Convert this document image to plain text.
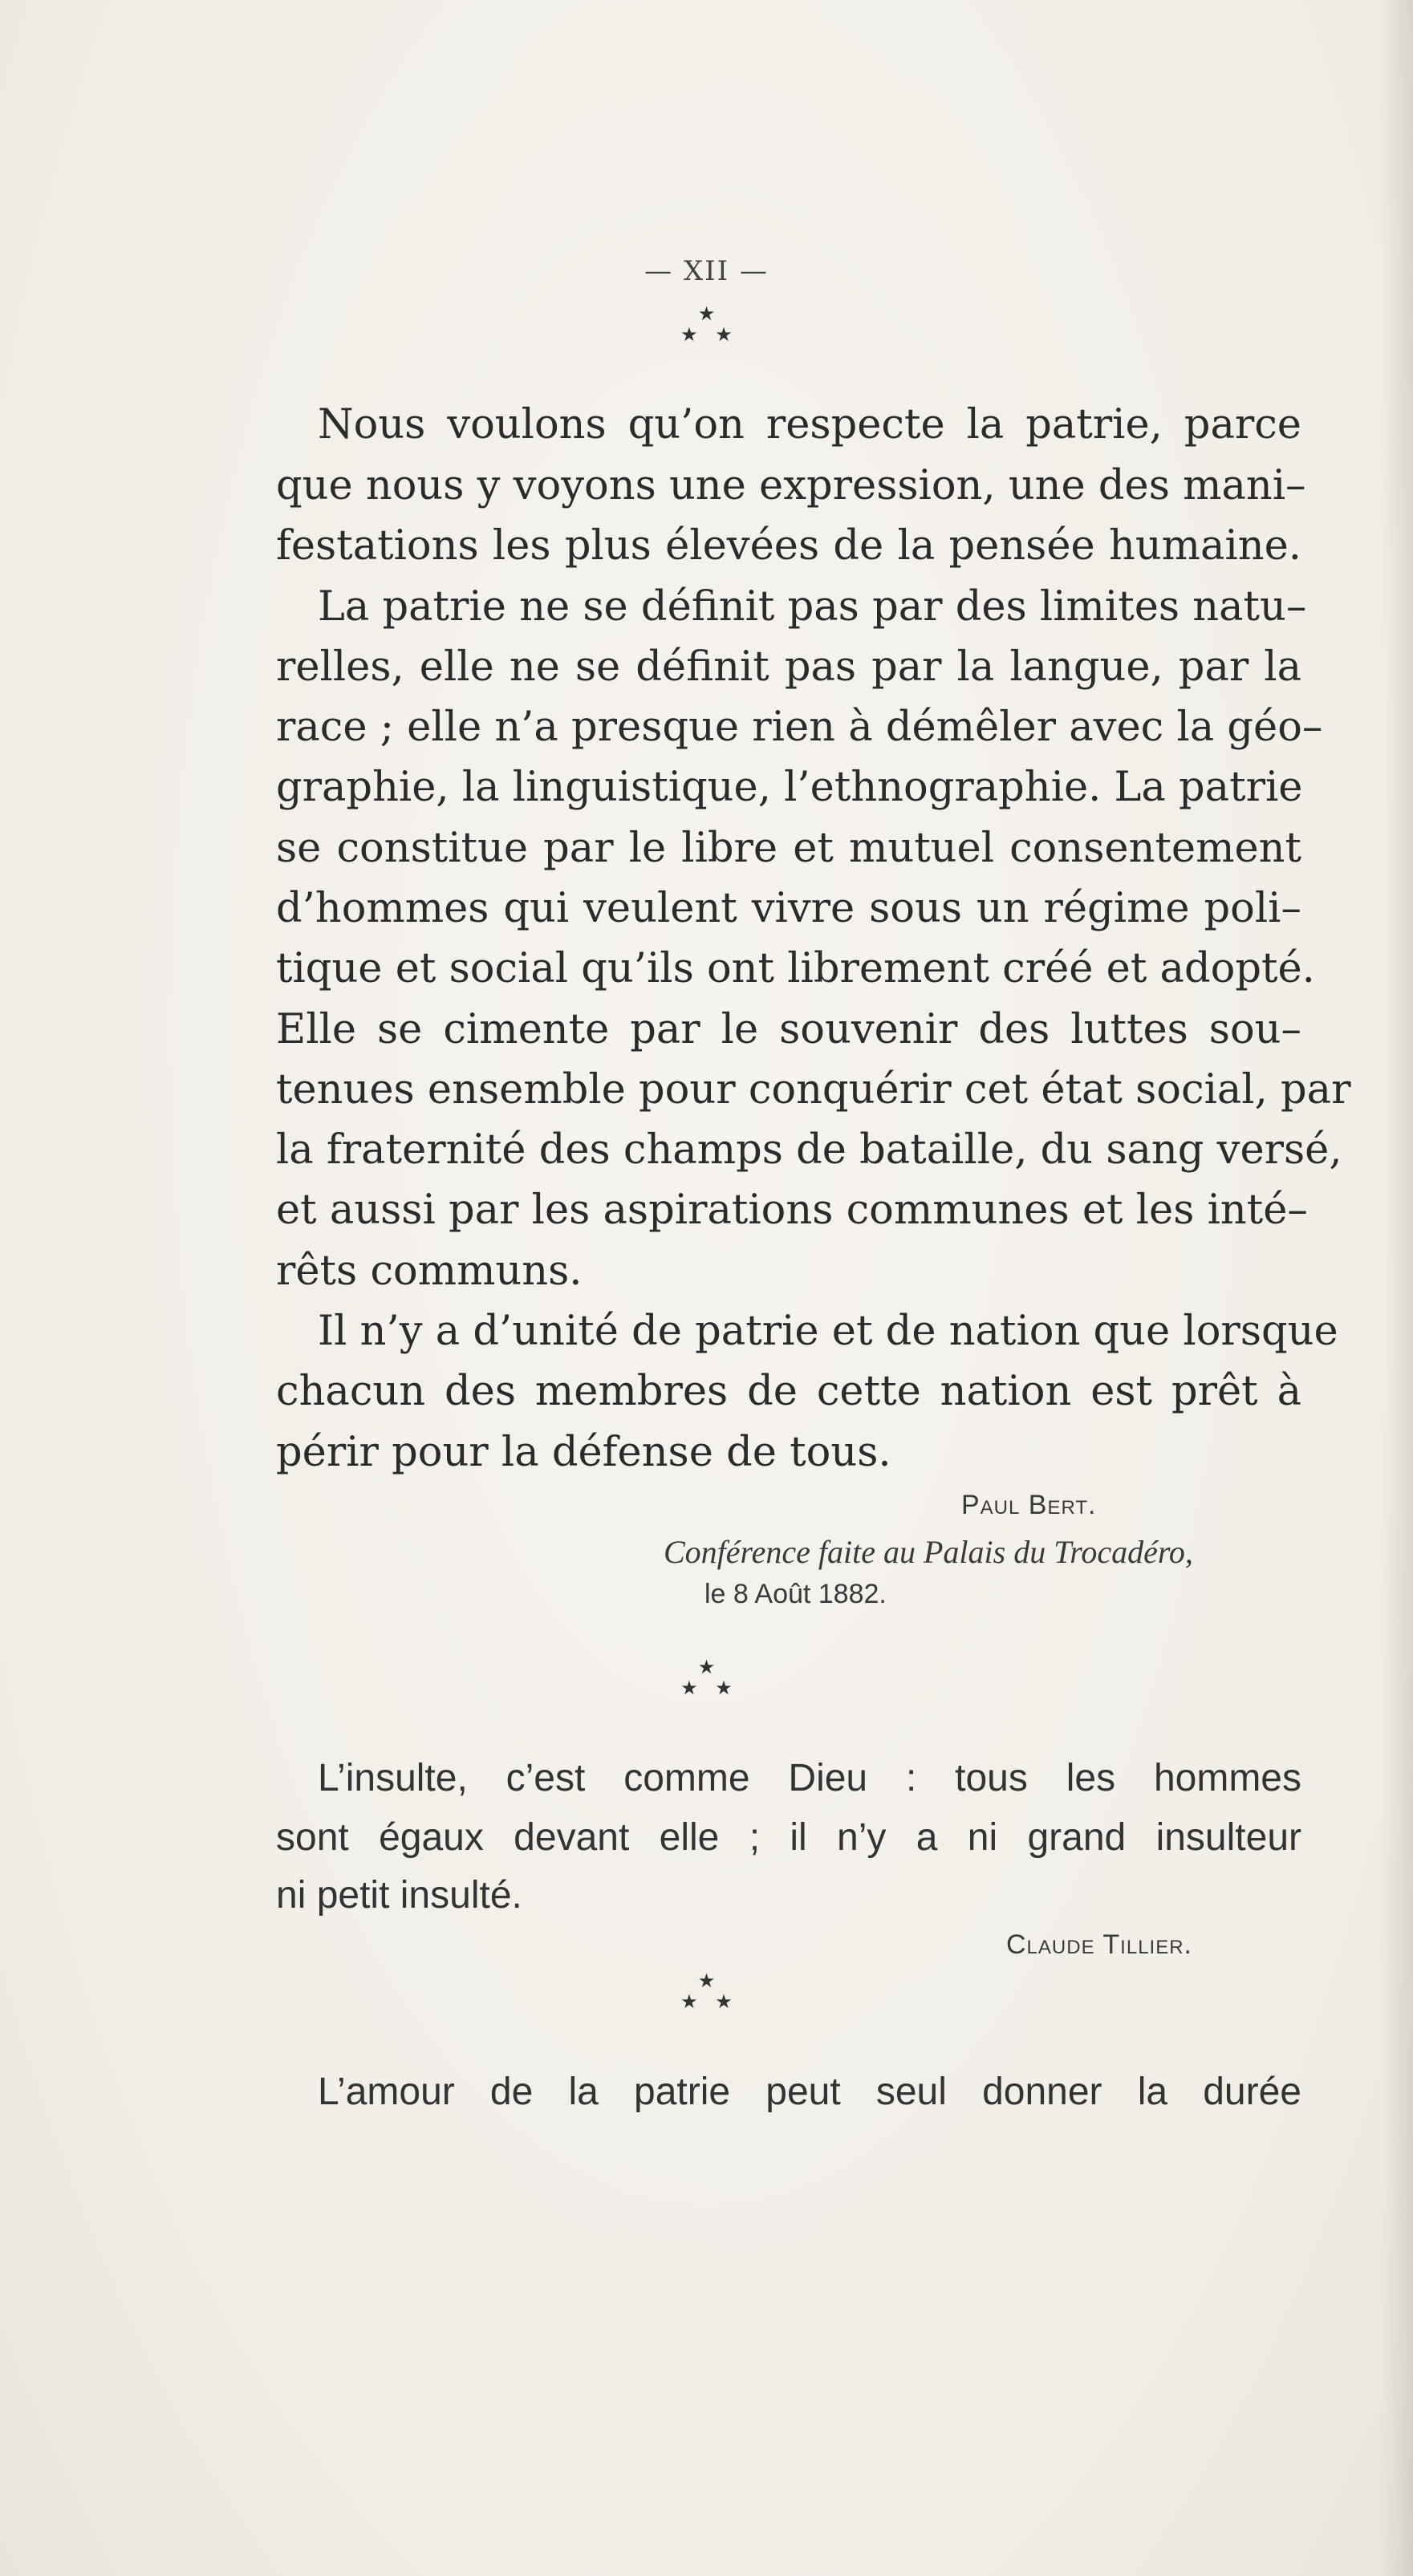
— XII —
★
★ ★
Nous voulons qu’on respecte la patrie, parce
que nous y voyons une expression, une des mani–
festations les plus élevées de la pensée humaine.
La patrie ne se définit pas par des limites natu–
relles, elle ne se définit pas par la langue, par la
race ; elle n’a presque rien à démêler avec la géo–
graphie, la linguistique, l’ethnographie. La patrie
se constitue par le libre et mutuel consentement
d’hommes qui veulent vivre sous un régime poli–
tique et social qu’ils ont librement créé et adopté.
Elle se cimente par le souvenir des luttes sou–
tenues ensemble pour conquérir cet état social, par
la fraternité des champs de bataille, du sang versé,
et aussi par les aspirations communes et les inté–
rêts communs.
Il n’y a d’unité de patrie et de nation que lorsque
chacun des membres de cette nation est prêt à
périr pour la défense de tous.
Paul Bert.
Conférence faite au Palais du Trocadéro,
le 8 Août 1882.
★
★ ★
L’insulte, c’est comme Dieu : tous les hommes
sont égaux devant elle ; il n’y a ni grand insulteur
ni petit insulté.
Claude Tillier.
★
★ ★
L’amour de la patrie peut seul donner la durée
